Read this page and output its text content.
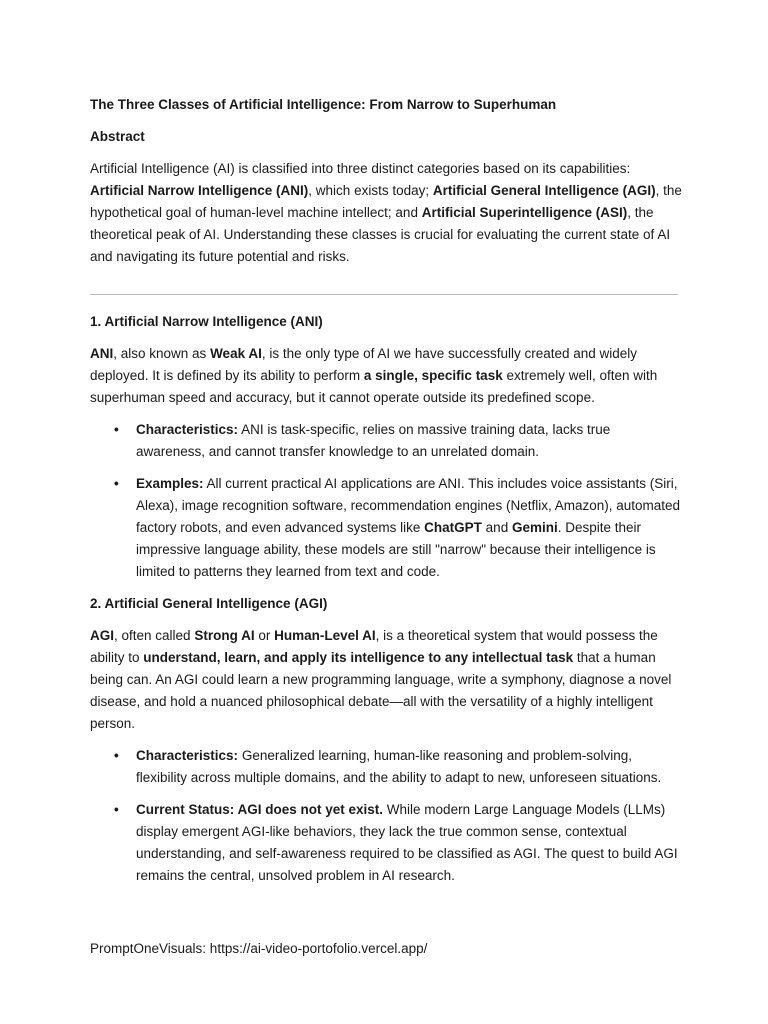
The Three Classes of Artificial Intelligence: From Narrow to Superhuman

Abstract

Artificial Intelligence (AI) is classified into three distinct categories based on its capabilities: Artificial Narrow Intelligence (ANI), which exists today; Artificial General Intelligence (AGI), the hypothetical goal of human-level machine intellect; and Artificial Superintelligence (ASI), the theoretical peak of AI. Understanding these classes is crucial for evaluating the current state of AI and navigating its future potential and risks.

1. Artificial Narrow Intelligence (ANI)

ANI, also known as Weak AI, is the only type of AI we have successfully created and widely deployed. It is defined by its ability to perform a single, specific task extremely well, often with superhuman speed and accuracy, but it cannot operate outside its predefined scope.

• Characteristics: ANI is task-specific, relies on massive training data, lacks true awareness, and cannot transfer knowledge to an unrelated domain.
• Examples: All current practical AI applications are ANI. This includes voice assistants (Siri, Alexa), image recognition software, recommendation engines (Netflix, Amazon), automated factory robots, and even advanced systems like ChatGPT and Gemini. Despite their impressive language ability, these models are still "narrow" because their intelligence is limited to patterns they learned from text and code.

2. Artificial General Intelligence (AGI)

AGI, often called Strong AI or Human-Level AI, is a theoretical system that would possess the ability to understand, learn, and apply its intelligence to any intellectual task that a human being can. An AGI could learn a new programming language, write a symphony, diagnose a novel disease, and hold a nuanced philosophical debate—all with the versatility of a highly intelligent person.

• Characteristics: Generalized learning, human-like reasoning and problem-solving, flexibility across multiple domains, and the ability to adapt to new, unforeseen situations.
• Current Status: AGI does not yet exist. While modern Large Language Models (LLMs) display emergent AGI-like behaviors, they lack the true common sense, contextual understanding, and self-awareness required to be classified as AGI. The quest to build AGI remains the central, unsolved problem in AI research.

PromptOneVisuals: https://ai-video-portofolio.vercel.app/
